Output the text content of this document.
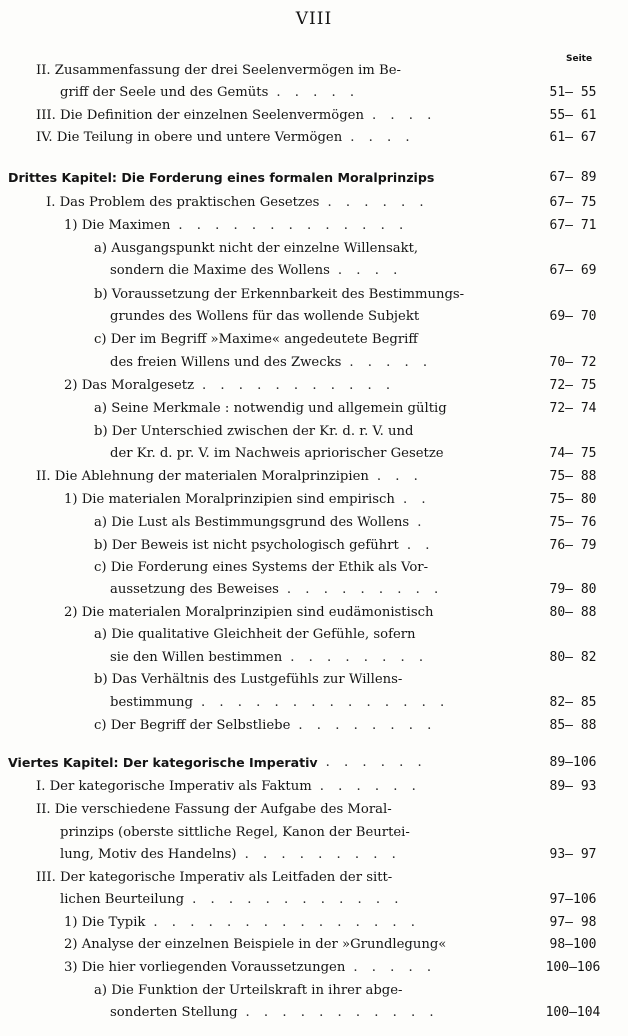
VIII
Seite
II. Zusammenfassung der drei Seelenvermögen im Be-
griff der Seele und des Gemüts	51— 55
. . . . .
III. Die Definition der einzelnen Seelenvermögen	55— 61
. . . .
IV. Die Teilung in obere und untere Vermögen	61— 67
. . . .
Drittes Kapitel: Die Forderung eines formalen Moralprinzips	67— 89
I. Das Problem des praktischen Gesetzes	67— 75
. . . . . .
1) Die Maximen	67— 71
. . . . . . . . . . . . .
a) Ausgangspunkt nicht der einzelne Willensakt,
sondern die Maxime des Wollens	67— 69
. . . .
b) Voraussetzung der Erkennbarkeit des Bestimmungs-
grundes des Wollens für das wollende Subjekt	69— 70
c) Der im Begriff »Maxime« angedeutete Begriff
des freien Willens und des Zwecks	70— 72
. . . . .
2) Das Moralgesetz	72— 75
. . . . . . . . . . .
a) Seine Merkmale : notwendig und allgemein gültig	72— 74
b) Der Unterschied zwischen der Kr. d. r. V. und
der Kr. d. pr. V. im Nachweis apriorischer Gesetze	74— 75
II. Die Ablehnung der materialen Moralprinzipien	75— 88
. . .
1) Die materialen Moralprinzipien sind empirisch	75— 80
. .
a) Die Lust als Bestimmungsgrund des Wollens	75— 76
.
b) Der Beweis ist nicht psychologisch geführt	76— 79
. .
c) Die Forderung eines Systems der Ethik als Vor-
aussetzung des Beweises	79— 80
. . . . . . . . .
2) Die materialen Moralprinzipien sind eudämonistisch	80— 88
a) Die qualitative Gleichheit der Gefühle, sofern
sie den Willen bestimmen	80— 82
. . . . . . . .
b) Das Verhältnis des Lustgefühls zur Willens-
bestimmung	82— 85
. . . . . . . . . . . . . .
c) Der Begriff der Selbstliebe	85— 88
. . . . . . . .
Viertes Kapitel: Der kategorische Imperativ	89—106
. . . . . .
I. Der kategorische Imperativ als Faktum	89— 93
. . . . . .
II. Die verschiedene Fassung der Aufgabe des Moral-
prinzips (oberste sittliche Regel, Kanon der Beurtei-
lung, Motiv des Handelns)	93— 97
. . . . . . . . .
III. Der kategorische Imperativ als Leitfaden der sitt-
lichen Beurteilung	97—106
. . . . . . . . . . . .
1) Die Typik	97— 98
. . . . . . . . . . . . . . .
2) Analyse der einzelnen Beispiele in der »Grundlegung«	98—100
3) Die hier vorliegenden Voraussetzungen	100—106
. . . . .
a) Die Funktion der Urteilskraft in ihrer abge-
sonderten Stellung	100—104
. . . . . . . . . . .
